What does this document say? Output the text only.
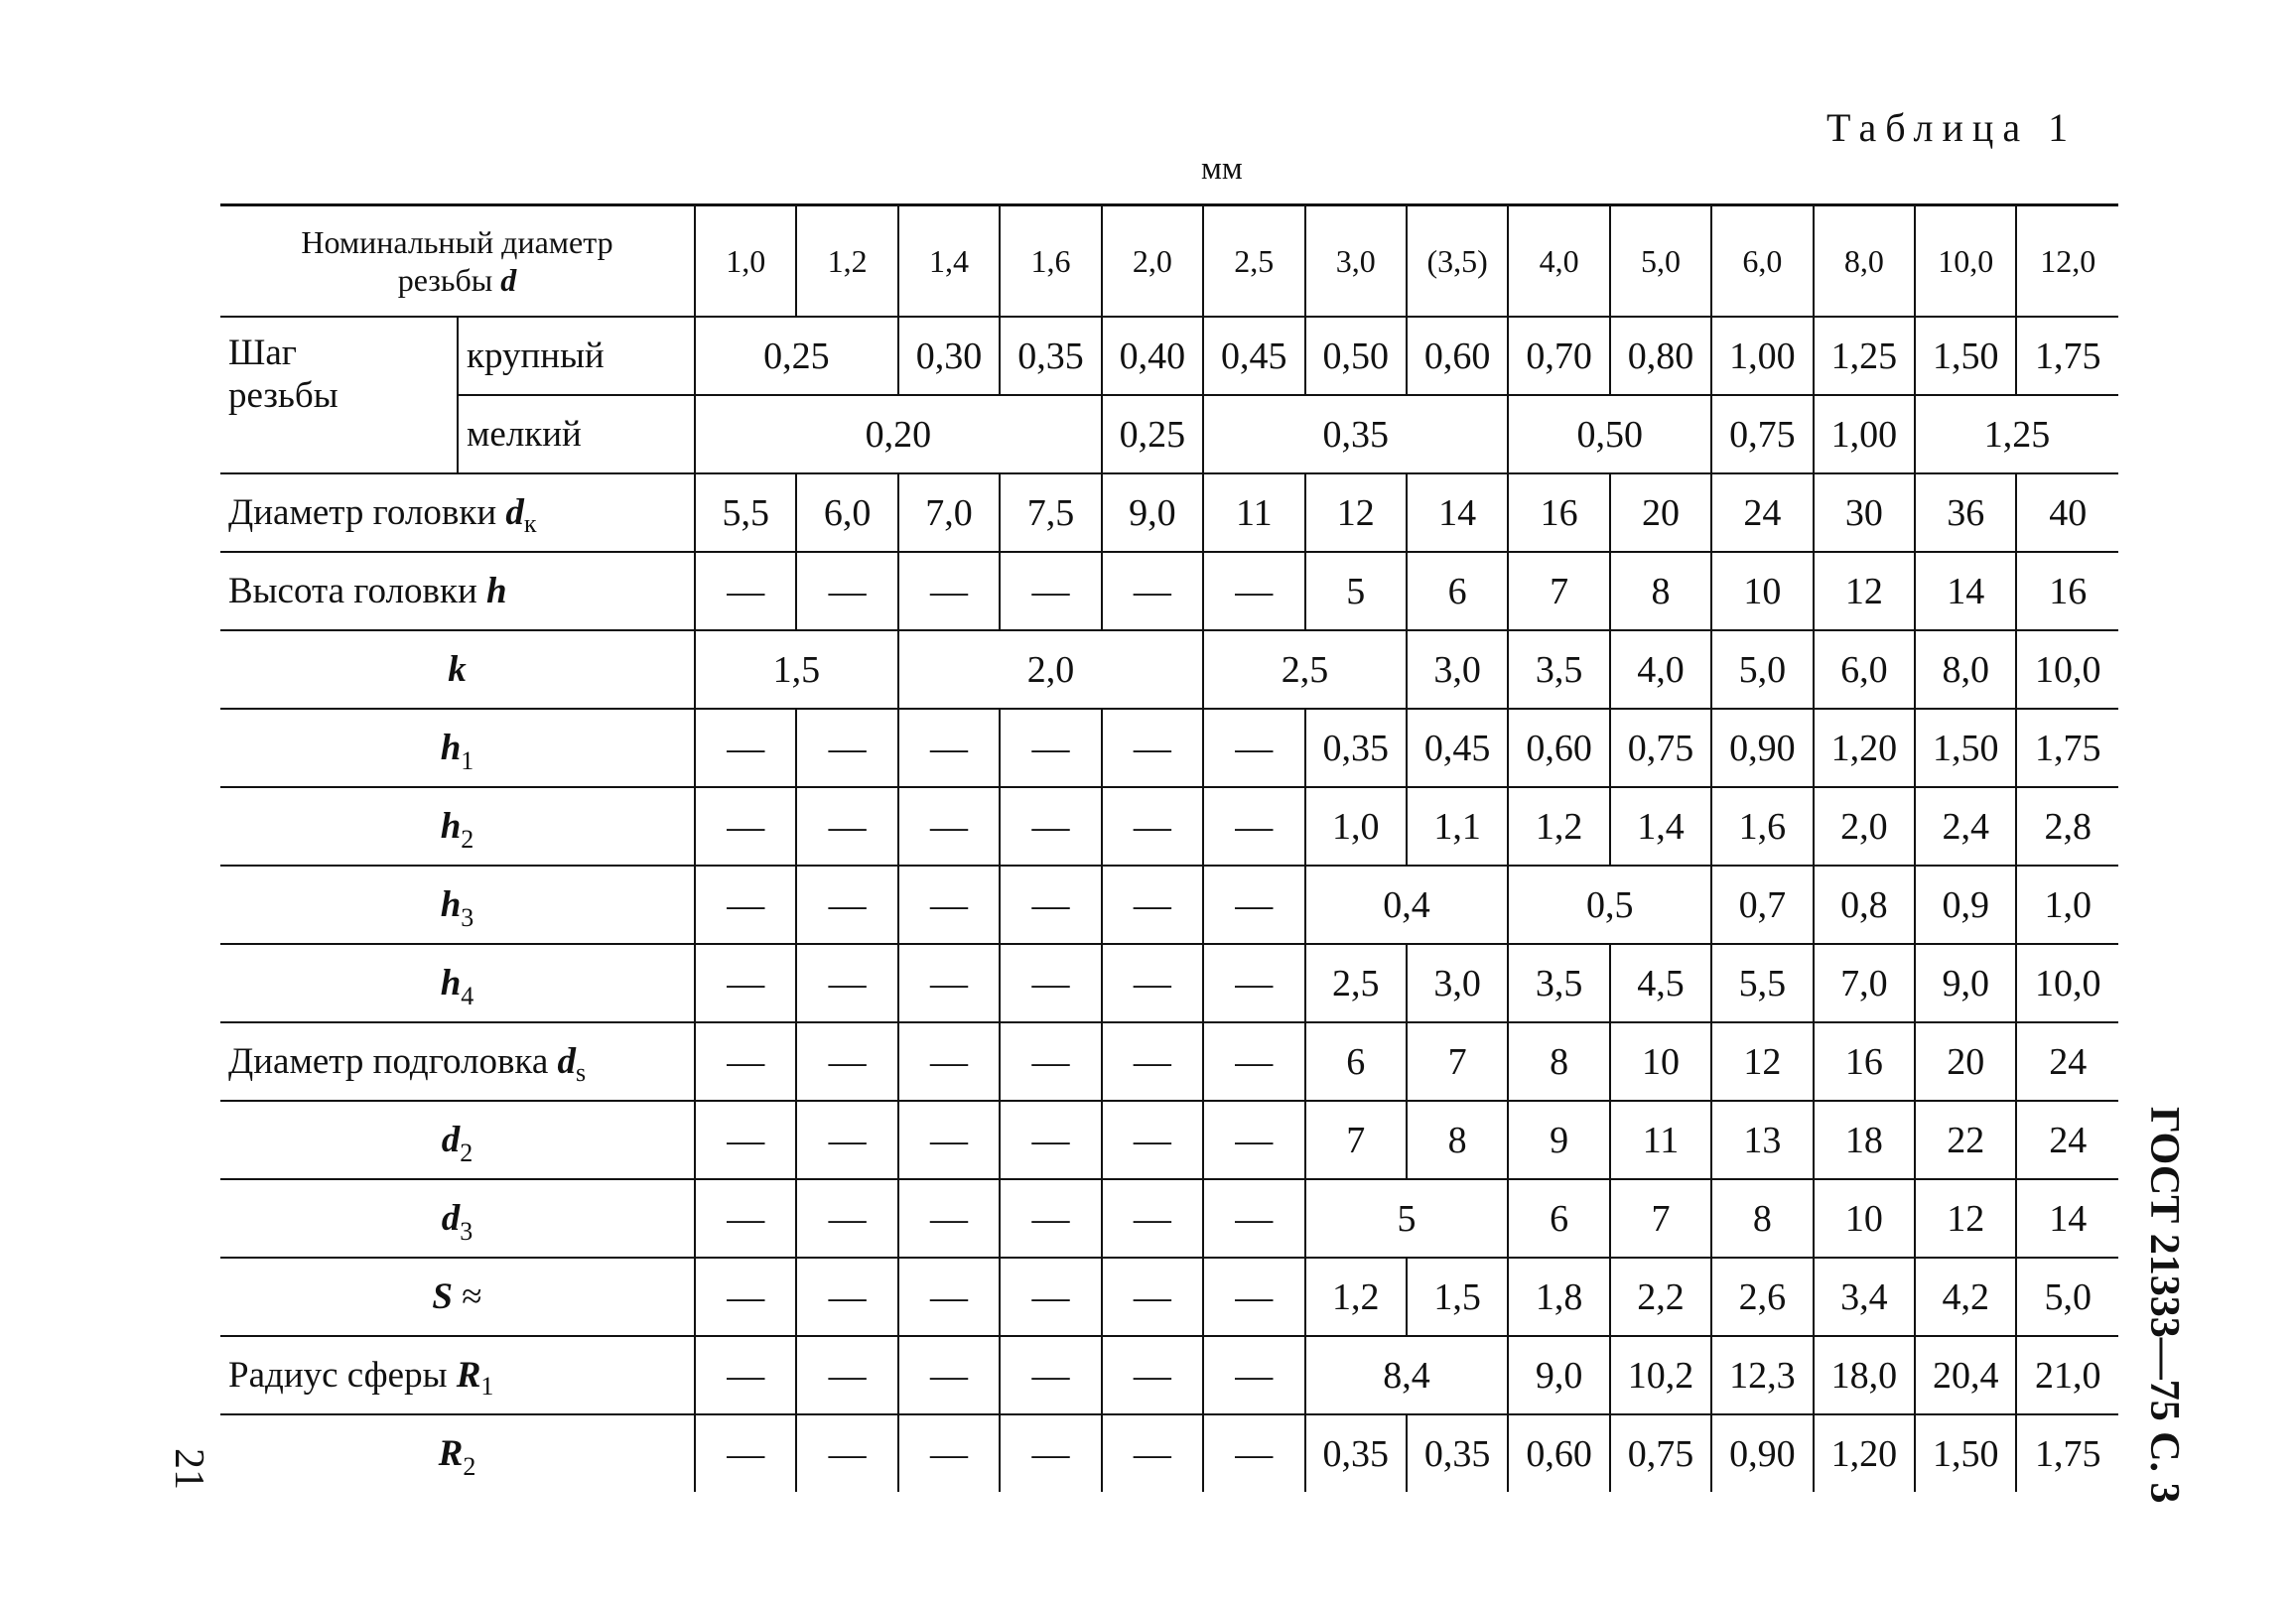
Таблица 1
мм
Номинальный диаметр
резьбы d		1,0	1,2	1,4	1,6	2,0	2,5	3,0	(3,5)	4,0	5,0	6,0	8,0	10,0	12,0
Шаг
резьбы	крупный	0,25		0,30	0,35	0,40	0,45	0,50	0,60	0,70	0,80	1,00	1,25	1,50	1,75
	мелкий	0,20				0,25	0,35			0,50		0,75	1,00	1,25	
Диаметр головки $d_к$		5,5	6,0	7,0	7,5	9,0	11	12	14	16	20	24	30	36	40
Высота головки h		—	—	—	—	—	—	5	6	7	8	10	12	14	16
k		1,5		2,0			2,5		3,0	3,5	4,0	5,0	6,0	8,0	10,0
$h_1$		—	—	—	—	—	—	0,35	0,45	0,60	0,75	0,90	1,20	1,50	1,75
$h_2$		—	—	—	—	—	—	1,0	1,1	1,2	1,4	1,6	2,0	2,4	2,8
$h_3$		—	—	—	—	—	—	0,4		0,5		0,7	0,8	0,9	1,0
$h_4$		—	—	—	—	—	—	2,5	3,0	3,5	4,5	5,5	7,0	9,0	10,0
Диаметр подголовка $d_s$		—	—	—	—	—	—	6	7	8	10	12	16	20	24
$d_2$		—	—	—	—	—	—	7	8	9	11	13	18	22	24
$d_3$		—	—	—	—	—	—	5		6	7	8	10	12	14
S ≈		—	—	—	—	—	—	1,2	1,5	1,8	2,2	2,6	3,4	4,2	5,0
Радиус сферы $R_1$		—	—	—	—	—	—	8,4		9,0	10,2	12,3	18,0	20,4	21,0
$R_2$		—	—	—	—	—	—	0,35	0,35	0,60	0,75	0,90	1,20	1,50	1,75 ГОСТ 21333—75 С. 3
21
